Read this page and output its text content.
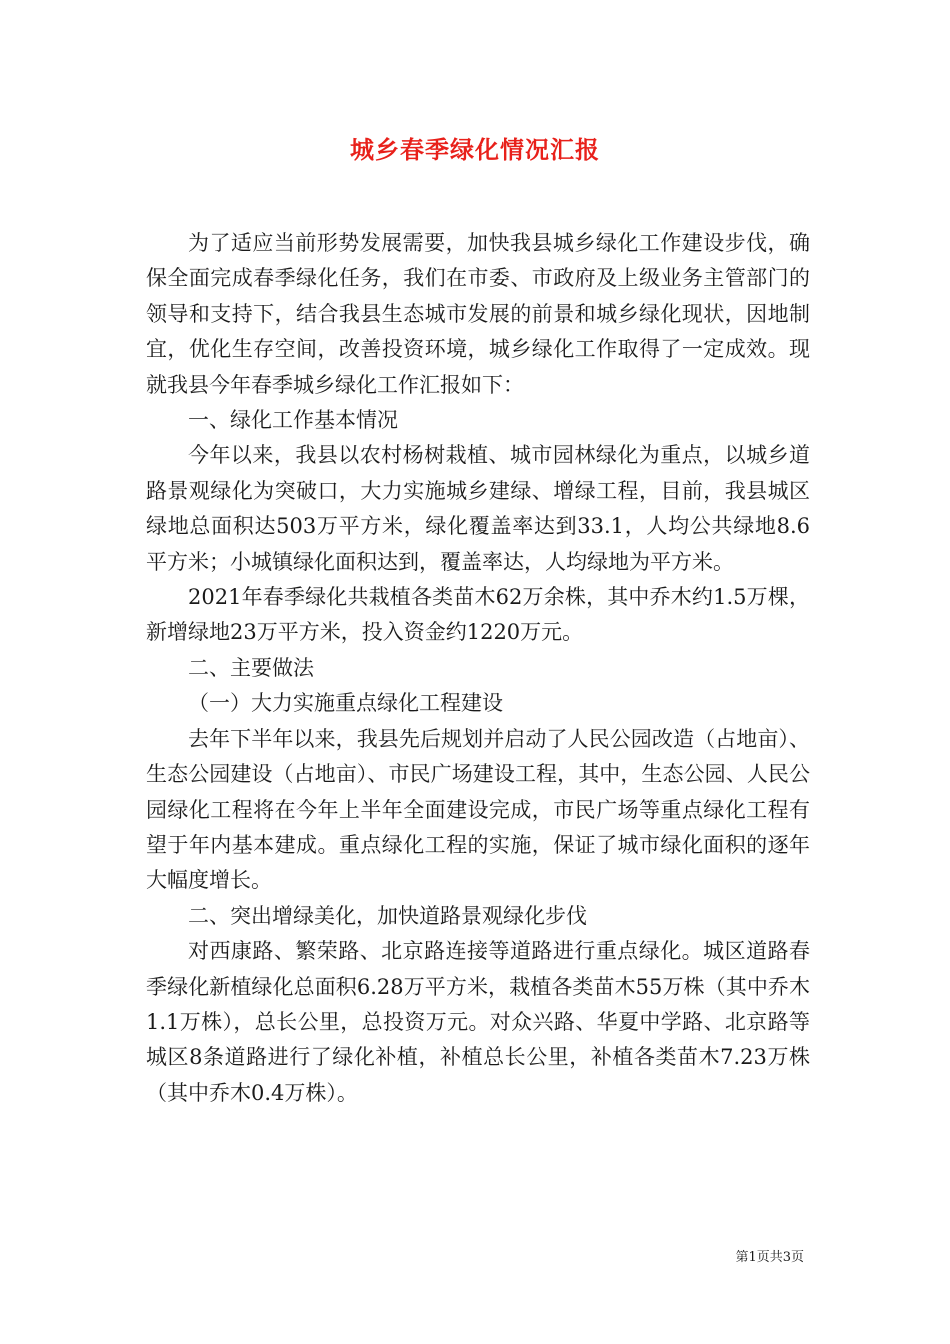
城乡春季绿化情况汇报

为了适应当前形势发展需要，加快我县城乡绿化工作建设步伐，确保全面完成春季绿化任务，我们在市委、市政府及上级业务主管部门的领导和支持下，结合我县生态城市发展的前景和城乡绿化现状，因地制宜，优化生存空间，改善投资环境，城乡绿化工作取得了一定成效。现就我县今年春季城乡绿化工作汇报如下：

一、绿化工作基本情况

今年以来，我县以农村杨树栽植、城市园林绿化为重点，以城乡道路景观绿化为突破口，大力实施城乡建绿、增绿工程，目前，我县城区绿地总面积达503万平方米，绿化覆盖率达到33.1，人均公共绿地8.6平方米；小城镇绿化面积达到，覆盖率达，人均绿地为平方米。

2021年春季绿化共栽植各类苗木62万余株，其中乔木约1.5万棵，新增绿地23万平方米，投入资金约1220万元。

二、主要做法

（一）大力实施重点绿化工程建设

去年下半年以来，我县先后规划并启动了人民公园改造（占地亩）、生态公园建设（占地亩）、市民广场建设工程，其中，生态公园、人民公园绿化工程将在今年上半年全面建设完成，市民广场等重点绿化工程有望于年内基本建成。重点绿化工程的实施，保证了城市绿化面积的逐年大幅度增长。

二、突出增绿美化，加快道路景观绿化步伐

对西康路、繁荣路、北京路连接等道路进行重点绿化。城区道路春季绿化新植绿化总面积6.28万平方米，栽植各类苗木55万株（其中乔木1.1万株），总长公里，总投资万元。对众兴路、华夏中学路、北京路等城区8条道路进行了绿化补植，补植总长公里，补植各类苗木7.23万株（其中乔木0.4万株）。

第1页共3页
